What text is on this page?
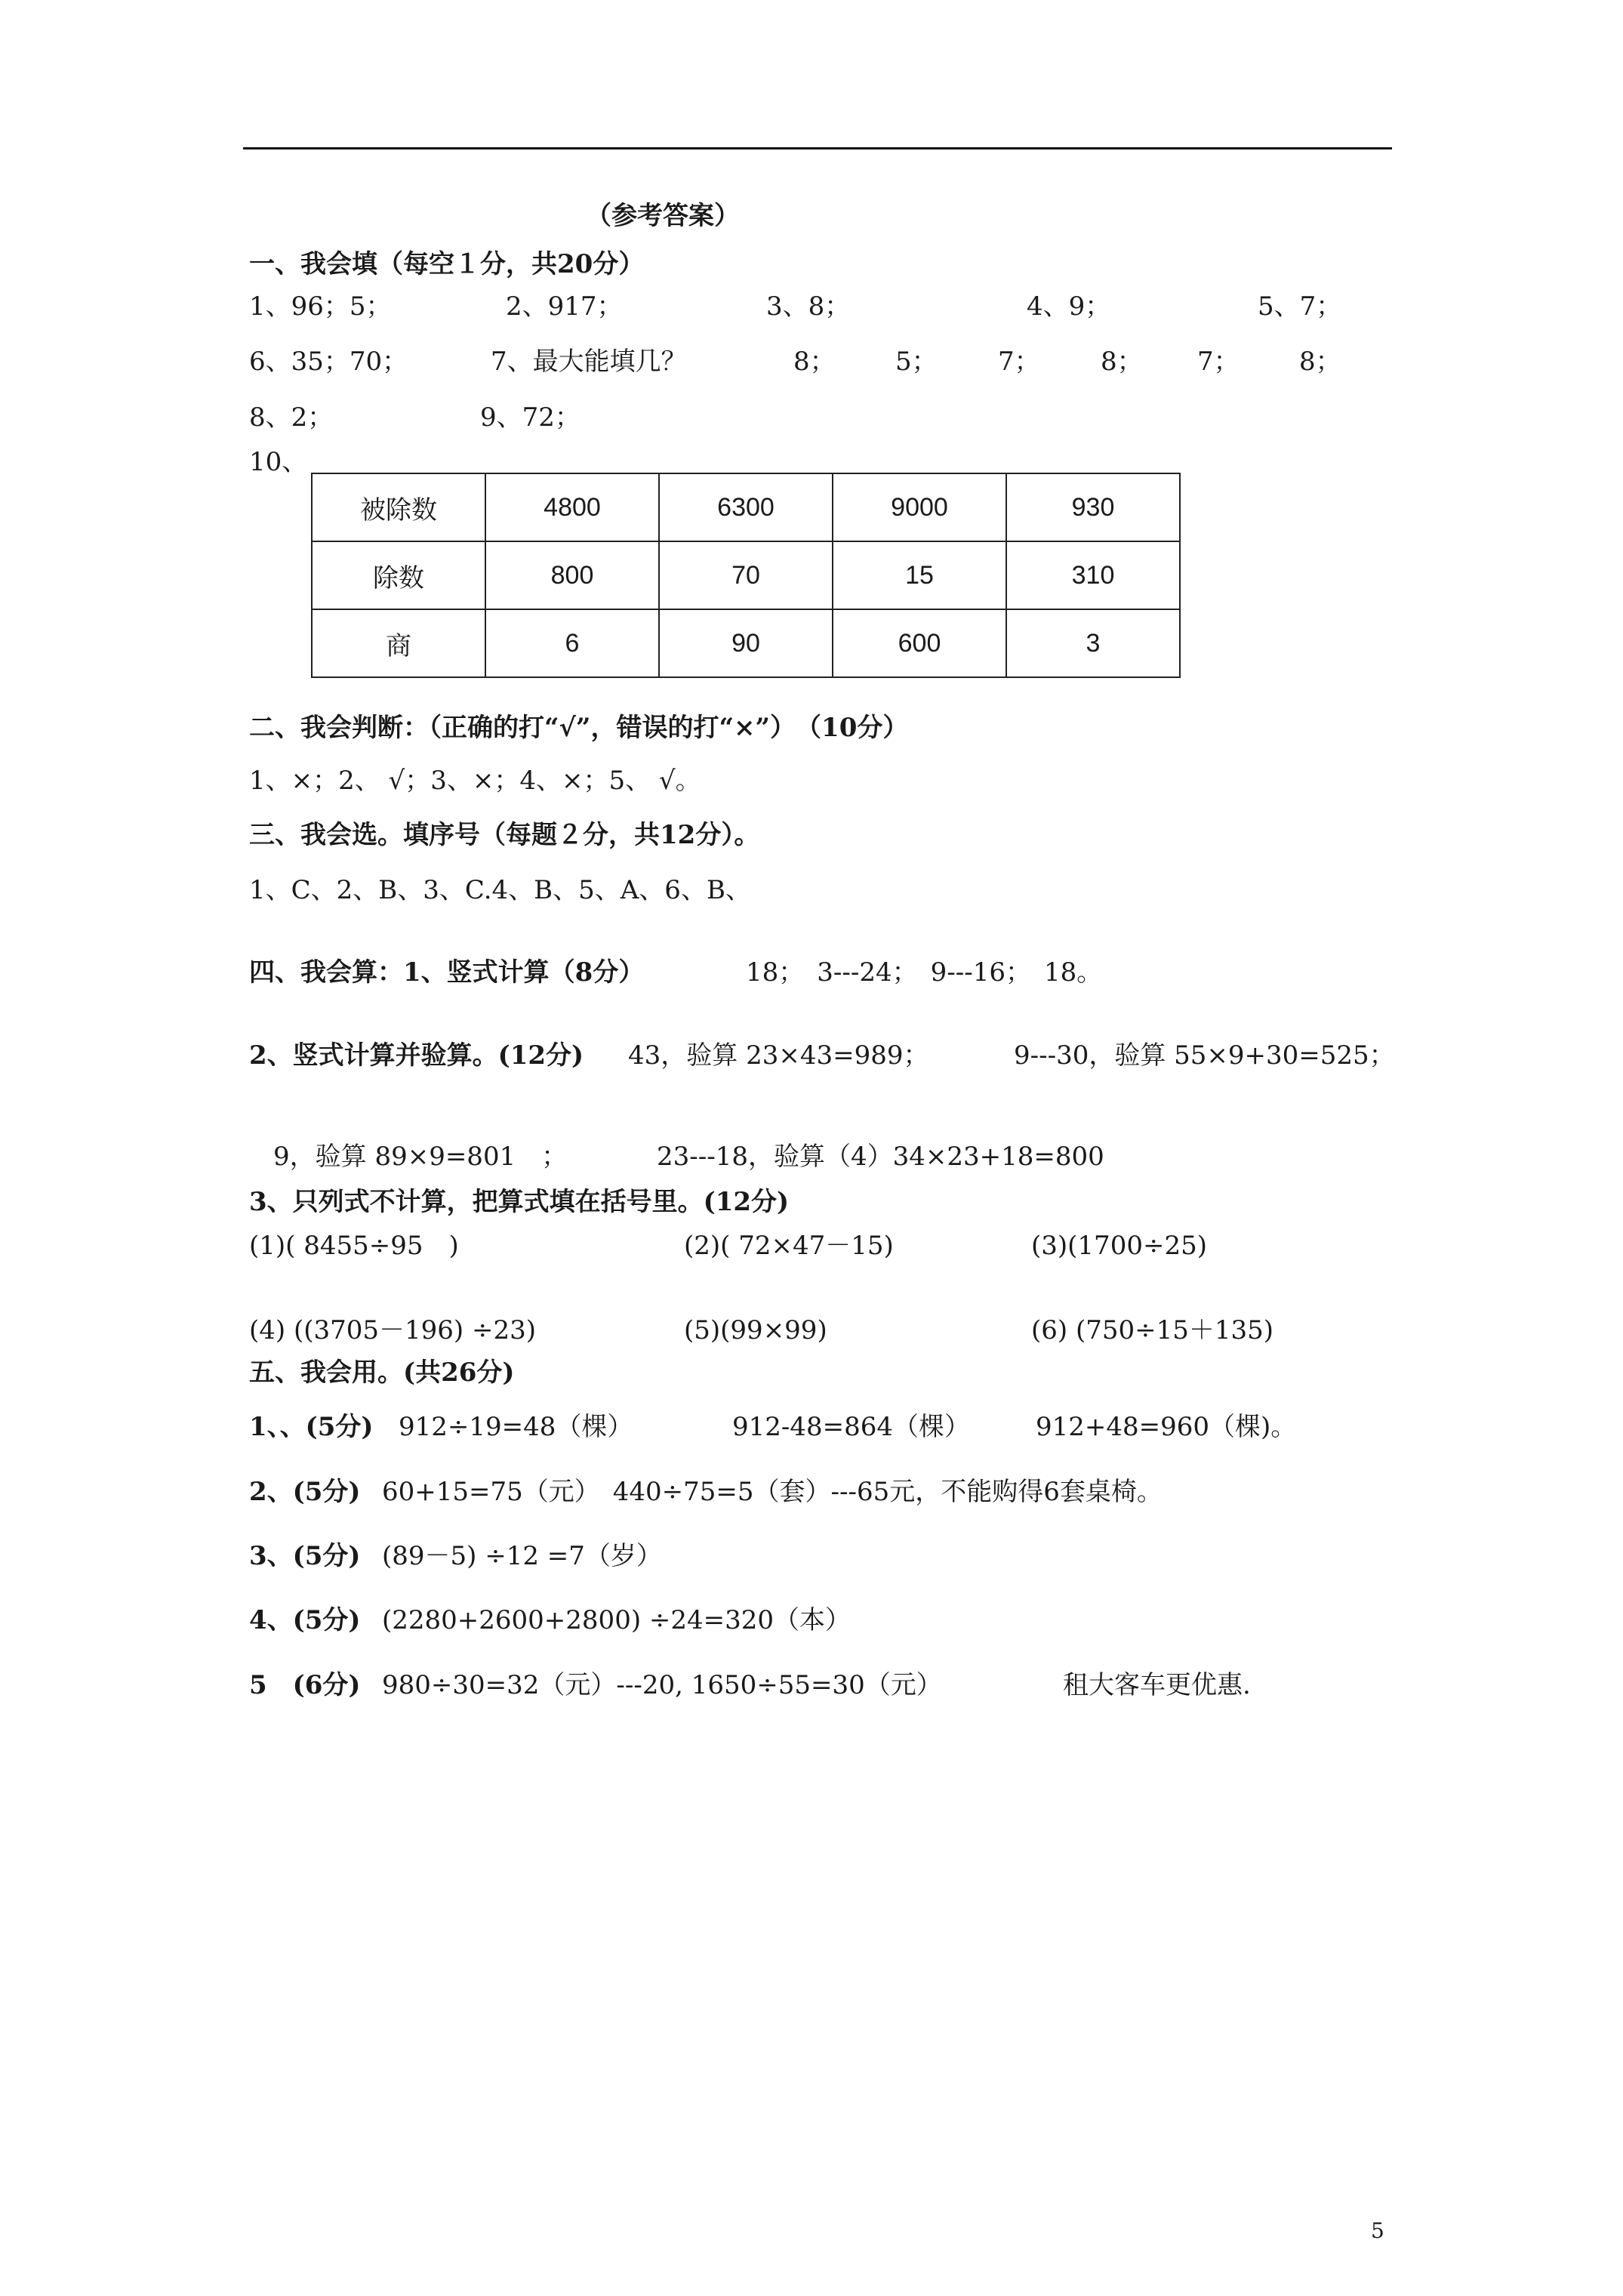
（参考答案）
一、我会填（每空１分，共20分）
1、96；5；	2、917；	3、8；	4、9；	5、7；
6、35；70；	7、最大能填几？	8； 5； 7； 8； 7； 8；
8、2；	9、72；
10、
被除数	4800	6300	9000	930
除数	800	70	15	310
商	6	90	600	3
二、我会判断：（正确的打“√”，错误的打“×”）　（10分）
1、×；2、 √；3、×；4、×；5、 √。
三、我会选。填序号（每题２分，共12分）。
1、C、2、B、3、C.4、B、5、A、6、B、
四、我会算：1、竖式计算（8分）	18；　3---24；　9---16；　18。
2、竖式计算并验算。(12分) 43，验算 23×43=989；	9---30，验算 55×9+30=525；
9，验算 89×9=801　；	23---18，验算（4）34×23+18=800
3、只列式不计算，把算式填在括号里。(12分)
(1)( 8455÷95　)	(2)( 72×47－15)	(3)(1700÷25)
(4) ((3705－196) ÷23)	(5)(99×99)	(6) (750÷15＋135)
五、我会用。(共26分)
1、、(5分) 912÷19=48（棵）	912-48=864（棵）	912+48=960（棵)。
2、(5分) 60+15=75（元）　440÷75=5（套）---65元，不能购得6套桌椅。
3、(5分) (89－5) ÷12 =7（岁）
4、(5分) (2280+2600+2800) ÷24=320（本）
5　(6分) 980÷30=32（元）---20, 1650÷55=30（元）	租大客车更优惠.
5
